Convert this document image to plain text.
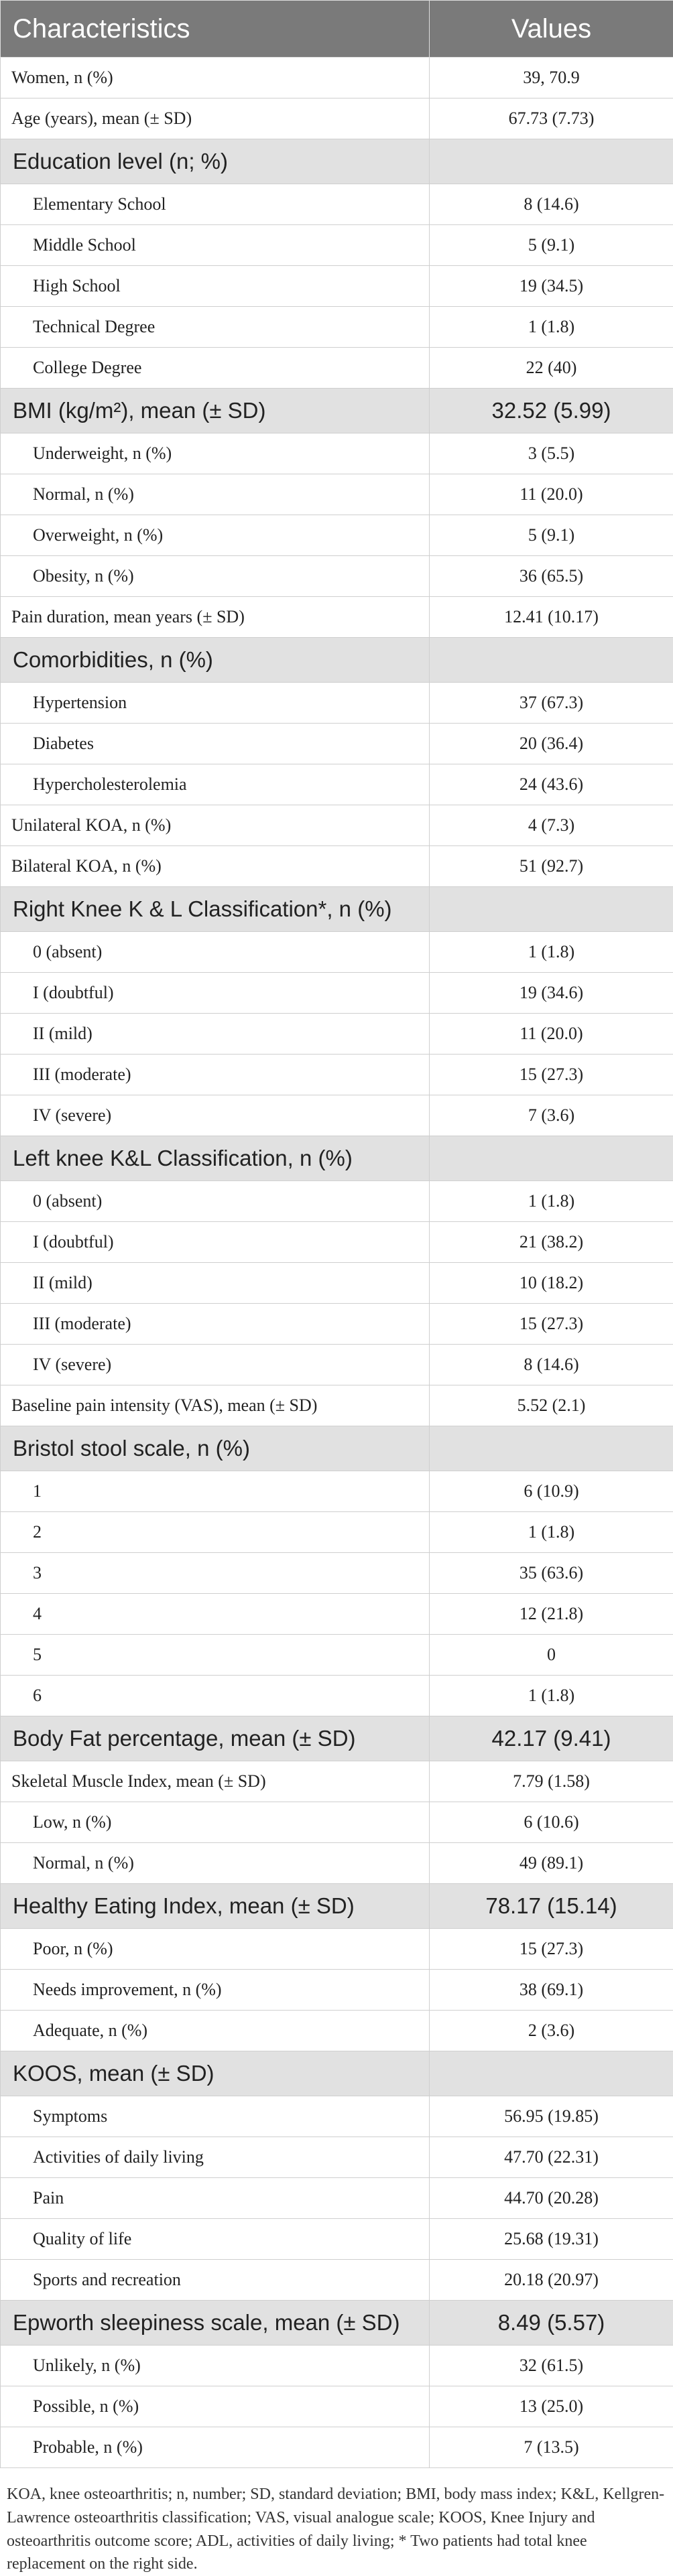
Characteristics	Values
Women, n (%)	39, 70.9
Age (years), mean (± SD)	67.73 (7.73)
Education level (n; %)	
Elementary School	8 (14.6)
Middle School	5 (9.1)
High School	19 (34.5)
Technical Degree	1 (1.8)
College Degree	22 (40)
BMI (kg/m²), mean (± SD)	32.52 (5.99)
Underweight, n (%)	3 (5.5)
Normal, n (%)	11 (20.0)
Overweight, n (%)	5 (9.1)
Obesity, n (%)	36 (65.5)
Pain duration, mean years (± SD)	12.41 (10.17)
Comorbidities, n (%)	
Hypertension	37 (67.3)
Diabetes	20 (36.4)
Hypercholesterolemia	24 (43.6)
Unilateral KOA, n (%)	4 (7.3)
Bilateral KOA, n (%)	51 (92.7)
Right Knee K & L Classification*, n (%)	
0 (absent)	1 (1.8)
I (doubtful)	19 (34.6)
II (mild)	11 (20.0)
III (moderate)	15 (27.3)
IV (severe)	7 (3.6)
Left knee K&L Classification, n (%)	
0 (absent)	1 (1.8)
I (doubtful)	21 (38.2)
II (mild)	10 (18.2)
III (moderate)	15 (27.3)
IV (severe)	8 (14.6)
Baseline pain intensity (VAS), mean (± SD)	5.52 (2.1)
Bristol stool scale, n (%)	
1	6 (10.9)
2	1 (1.8)
3	35 (63.6)
4	12 (21.8)
5	0
6	1 (1.8)
Body Fat percentage, mean (± SD)	42.17 (9.41)
Skeletal Muscle Index, mean (± SD)	7.79 (1.58)
Low, n (%)	6 (10.6)
Normal, n (%)	49 (89.1)
Healthy Eating Index, mean (± SD)	78.17 (15.14)
Poor, n (%)	15 (27.3)
Needs improvement, n (%)	38 (69.1)
Adequate, n (%)	2 (3.6)
KOOS, mean (± SD)	
Symptoms	56.95 (19.85)
Activities of daily living	47.70 (22.31)
Pain	44.70 (20.28)
Quality of life	25.68 (19.31)
Sports and recreation	20.18 (20.97)
Epworth sleepiness scale, mean (± SD)	8.49 (5.57)
Unlikely, n (%)	32 (61.5)
Possible, n (%)	13 (25.0)
Probable, n (%)	7 (13.5)
KOA, knee osteoarthritis; n, number; SD, standard deviation; BMI, body mass index; K&L, Kellgren-Lawrence osteoarthritis classification; VAS, visual analogue scale; KOOS, Knee Injury and osteoarthritis outcome score; ADL, activities of daily living; * Two patients had total knee replacement on the right side.
